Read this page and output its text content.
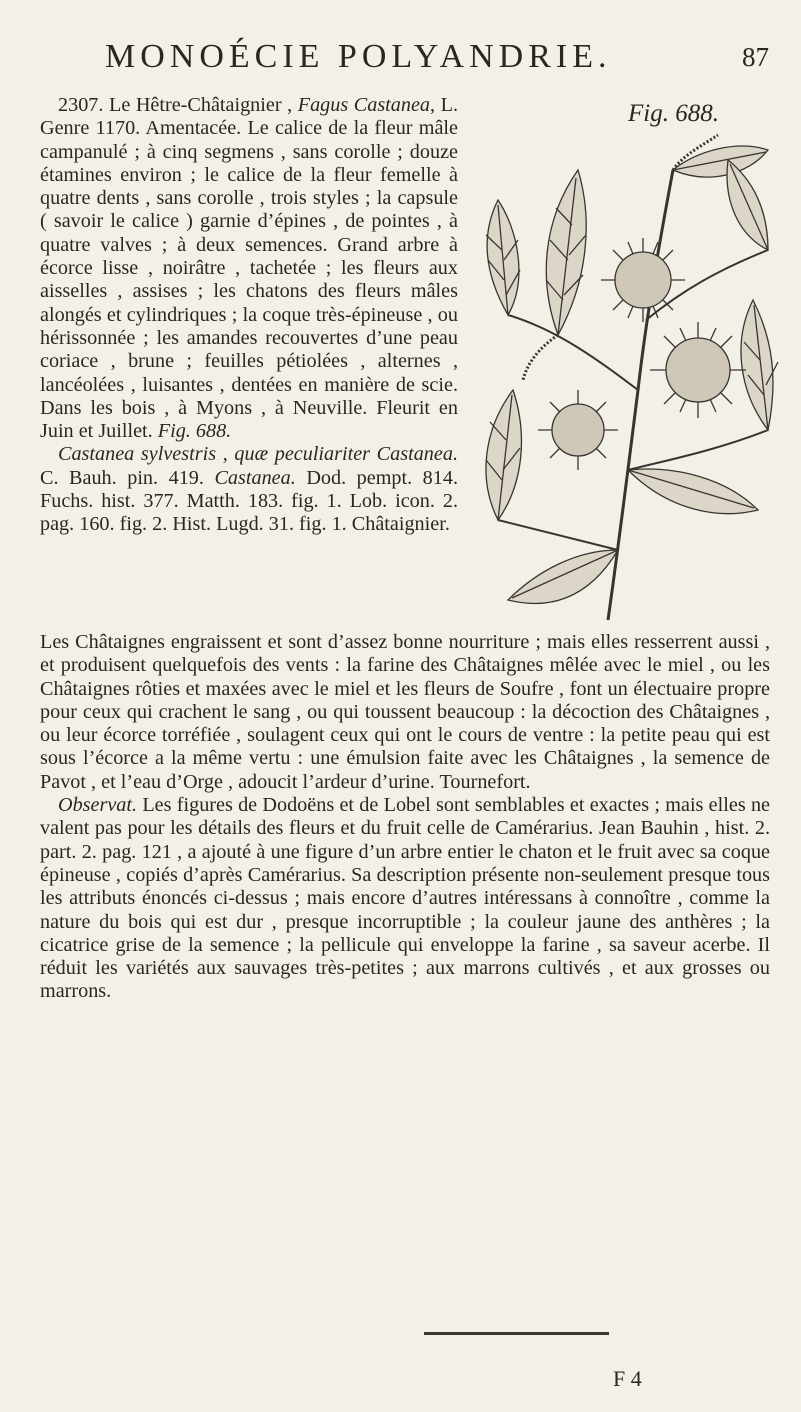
MONOÉCIE POLYANDRIE.	87
Fig. 688.

2307. Le Hêtre-Châtaignier , Fagus Castanea, L. Genre 1170. Amentacée. Le calice de la fleur mâle campanulé ; à cinq segmens , sans corolle ; douze étamines environ ; le calice de la fleur femelle à quatre dents , sans corolle , trois styles ; la capsule ( savoir le calice ) garnie d’épines , de pointes , à quatre valves ; à deux semences. Grand arbre à écorce lisse , noirâtre , tachetée ; les fleurs aux aisselles , assises ; les chatons des fleurs mâles alongés et cylindriques ; la coque très-épineuse , ou hérissonnée ; les amandes recouvertes d’une peau coriace , brune ; feuilles pétiolées , alternes , lancéolées , luisantes , dentées en manière de scie. Dans les bois , à Myons , à Neuville. Fleurit en Juin et Juillet. Fig. 688.

Castanea sylvestris , quæ peculiariter Castanea. C. Bauh. pin. 419. Castanea. Dod. pempt. 814. Fuchs. hist. 377. Matth. 183. fig. 1. Lob. icon. 2. pag. 160. fig. 2. Hist. Lugd. 31. fig. 1. Châtaignier.

Les Châtaignes engraissent et sont d’assez bonne nourriture ; mais elles resserrent aussi , et produisent quelquefois des vents : la farine des Châtaignes mêlée avec le miel , ou les Châtaignes rôties et maxées avec le miel et les fleurs de Soufre , font un électuaire propre pour ceux qui crachent le sang , ou qui toussent beaucoup : la décoction des Châtaignes , ou leur écorce torréfiée , soulagent ceux qui ont le cours de ventre : la petite peau qui est sous l’écorce a la même vertu : une émulsion faite avec les Châtaignes , la semence de Pavot , et l’eau d’Orge , adoucit l’ardeur d’urine. Tournefort.

Observat. Les figures de Dodoëns et de Lobel sont semblables et exactes ; mais elles ne valent pas pour les détails des fleurs et du fruit celle de Camérarius. Jean Bauhin , hist. 2. part. 2. pag. 121 , a ajouté à une figure d’un arbre entier le chaton et le fruit avec sa coque épineuse , copiés d’après Camérarius. Sa description présente non-seulement presque tous les attributs énoncés ci-dessus ; mais encore d’autres intéressans à connoître , comme la nature du bois qui est dur , presque incorruptible ; la couleur jaune des anthères ; la cicatrice grise de la semence ; la pellicule qui enveloppe la farine , sa saveur acerbe. Il réduit les variétés aux sauvages très-petites ; aux marrons cultivés , et aux grosses ou marrons.

F 4
